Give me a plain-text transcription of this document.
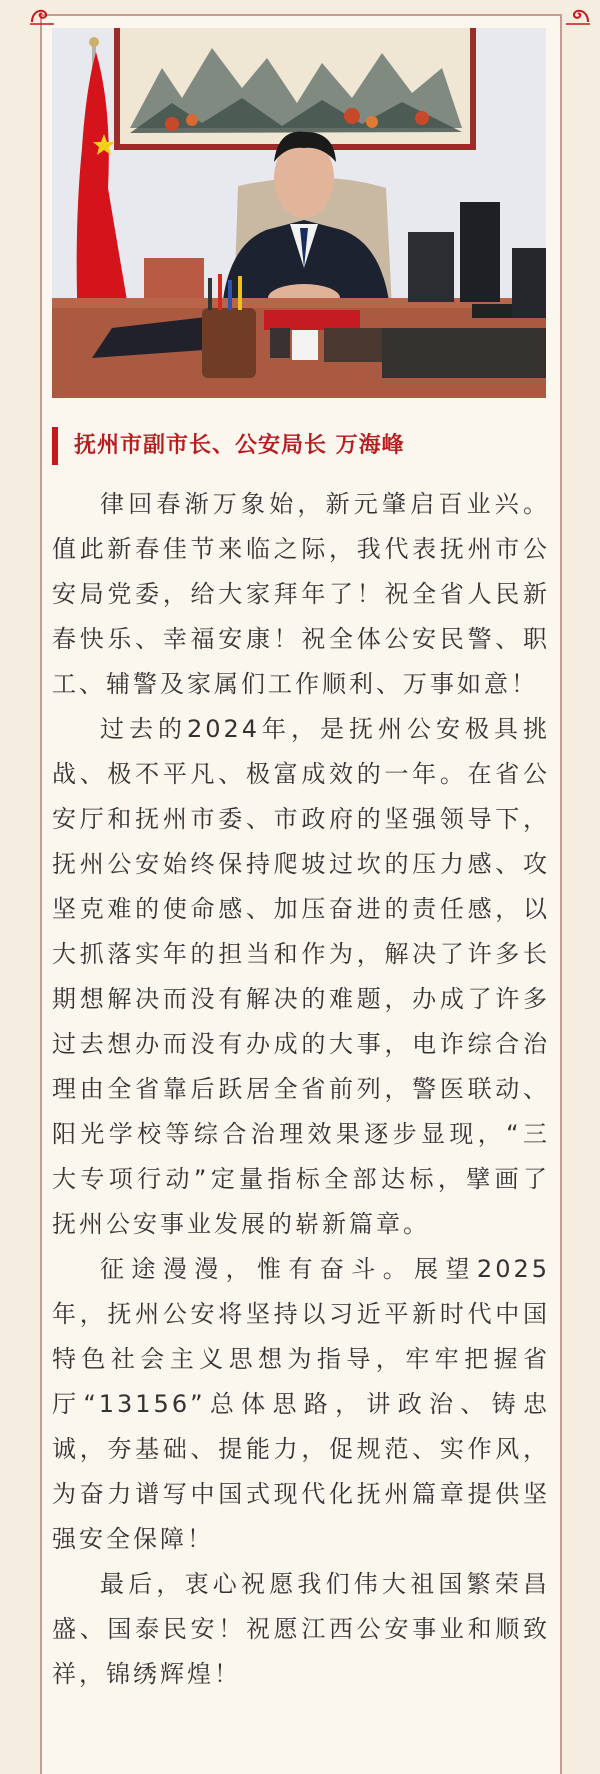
抚州市副市长、公安局长 万海峰

律回春渐万象始，新元肇启百业兴。值此新春佳节来临之际，我代表抚州市公安局党委，给大家拜年了！祝全省人民新春快乐、幸福安康！祝全体公安民警、职工、辅警及家属们工作顺利、万事如意！

过去的2024年，是抚州公安极具挑战、极不平凡、极富成效的一年。在省公安厅和抚州市委、市政府的坚强领导下，抚州公安始终保持爬坡过坎的压力感、攻坚克难的使命感、加压奋进的责任感，以大抓落实年的担当和作为，解决了许多长期想解决而没有解决的难题，办成了许多过去想办而没有办成的大事，电诈综合治理由全省靠后跃居全省前列，警医联动、阳光学校等综合治理效果逐步显现，“三大专项行动”定量指标全部达标，擘画了抚州公安事业发展的崭新篇章。

征途漫漫，惟有奋斗。展望2025年，抚州公安将坚持以习近平新时代中国特色社会主义思想为指导，牢牢把握省厅“13156”总体思路，讲政治、铸忠诚，夯基础、提能力，促规范、实作风，为奋力谱写中国式现代化抚州篇章提供坚强安全保障！

最后，衷心祝愿我们伟大祖国繁荣昌盛、国泰民安！祝愿江西公安事业和顺致祥，锦绣辉煌！
